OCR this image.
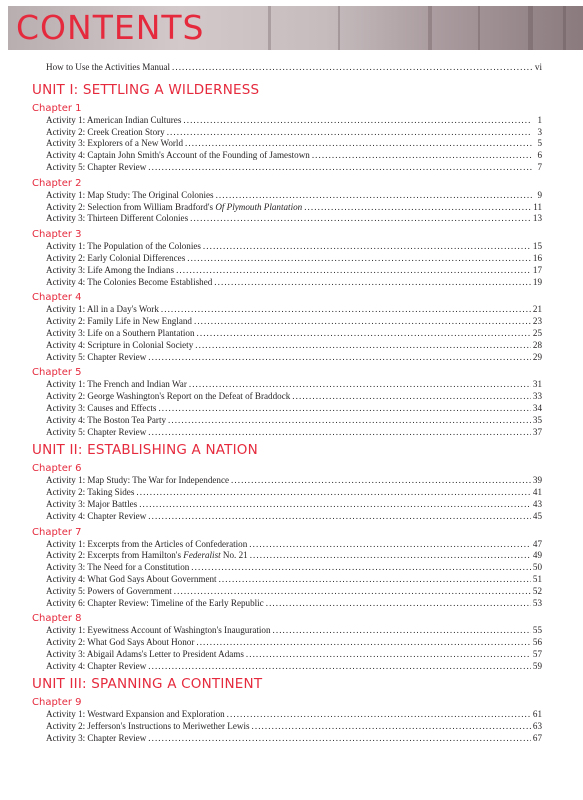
CONTENTS
How to Use the Activities Manual . . .	vi
UNIT I: SETTLING A WILDERNESS
Chapter 1
Activity 1: American Indian Cultures . . .	1
Activity 2: Creek Creation Story . . .	3
Activity 3: Explorers of a New World . . .	5
Activity 4: Captain John Smith's Account of the Founding of Jamestown . . .	6
Activity 5: Chapter Review . . .	7
Chapter 2
Activity 1: Map Study: The Original Colonies . . .	9
Activity 2: Selection from William Bradford's Of Plymouth Plantation . . .	11
Activity 3: Thirteen Different Colonies . . .	13
Chapter 3
Activity 1: The Population of the Colonies . . .	15
Activity 2: Early Colonial Differences . . .	16
Activity 3: Life Among the Indians . . .	17
Activity 4: The Colonies Become Established . . .	19
Chapter 4
Activity 1: All in a Day's Work . . .	21
Activity 2: Family Life in New England . . .	23
Activity 3: Life on a Southern Plantation . . .	25
Activity 4: Scripture in Colonial Society . . .	28
Activity 5: Chapter Review . . .	29
Chapter 5
Activity 1: The French and Indian War . . .	31
Activity 2: George Washington's Report on the Defeat of Braddock . . .	33
Activity 3: Causes and Effects . . .	34
Activity 4: The Boston Tea Party . . .	35
Activity 5: Chapter Review . . .	37
UNIT II: ESTABLISHING A NATION
Chapter 6
Activity 1: Map Study: The War for Independence . . .	39
Activity 2: Taking Sides . . .	41
Activity 3: Major Battles . . .	43
Activity 4: Chapter Review . . .	45
Chapter 7
Activity 1: Excerpts from the Articles of Confederation . . .	47
Activity 2: Excerpts from Hamilton's Federalist No. 21 . . .	49
Activity 3: The Need for a Constitution . . .	50
Activity 4: What God Says About Government . . .	51
Activity 5: Powers of Government . . .	52
Activity 6: Chapter Review: Timeline of the Early Republic . . .	53
Chapter 8
Activity 1: Eyewitness Account of Washington's Inauguration . . .	55
Activity 2: What God Says About Honor . . .	56
Activity 3: Abigail Adams's Letter to President Adams . . .	57
Activity 4: Chapter Review . . .	59
UNIT III: SPANNING A CONTINENT
Chapter 9
Activity 1: Westward Expansion and Exploration . . .	61
Activity 2: Jefferson's Instructions to Meriwether Lewis . . .	63
Activity 3: Chapter Review . . .	67
